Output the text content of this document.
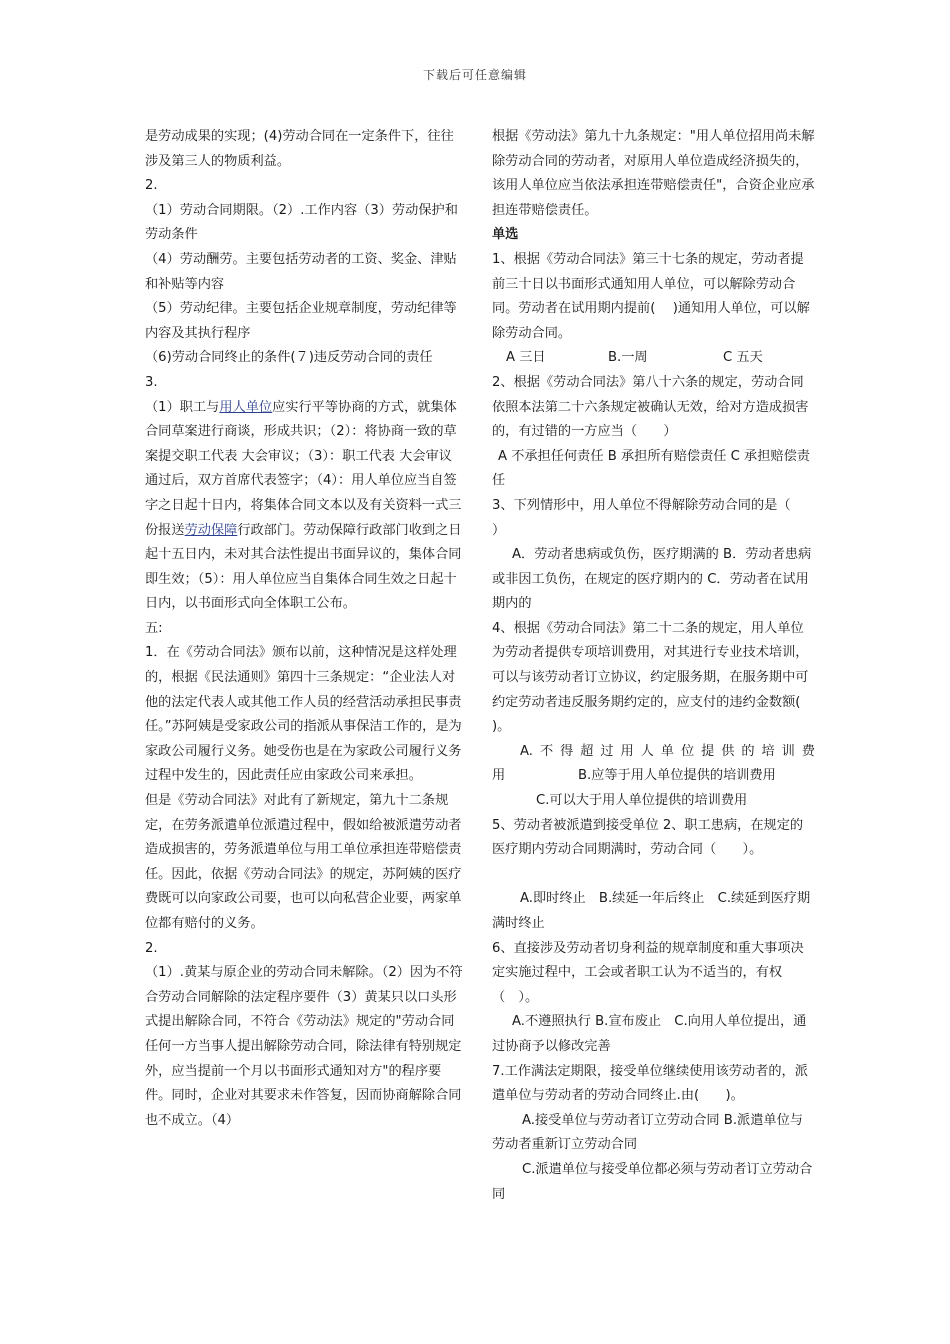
下载后可任意编辑

是劳动成果的实现；(4)劳动合同在一定条件下，往往涉及第三人的物质利益。

2.

（1）劳动合同期限。（2）.工作内容（3）劳动保护和劳动条件

（4）劳动酬劳。主要包括劳动者的工资、奖金、津贴和补贴等内容

（5）劳动纪律。主要包括企业规章制度，劳动纪律等内容及其执行程序

（6)劳动合同终止的条件(７)违反劳动合同的责任

3.

（1）职工与用人单位应实行平等协商的方式，就集体合同草案进行商谈，形成共识；（2）：将协商一致的草案提交职工代表 大会审议；（3）：职工代表 大会审议通过后，双方首席代表签字；（4）：用人单位应当自签字之日起十日内，将集体合同文本以及有关资料一式三份报送劳动保障行政部门。劳动保障行政部门收到之日起十五日内，未对其合法性提出书面异议的，集体合同即生效；（5）：用人单位应当自集体合同生效之日起十日内，以书面形式向全体职工公布。

五:

1．在《劳动合同法》颁布以前，这种情况是这样处理的，根据《民法通则》第四十三条规定：“企业法人对他的法定代表人或其他工作人员的经营活动承担民事责任。”苏阿姨是受家政公司的指派从事保洁工作的，是为家政公司履行义务。她受伤也是在为家政公司履行义务过程中发生的，因此责任应由家政公司来承担。

但是《劳动合同法》对此有了新规定，第九十二条规定，在劳务派遣单位派遣过程中，假如给被派遣劳动者造成损害的，劳务派遣单位与用工单位承担连带赔偿责任。因此，依据《劳动合同法》的规定，苏阿姨的医疗费既可以向家政公司要，也可以向私营企业要，两家单位都有赔付的义务。

2.

（1）.黄某与原企业的劳动合同未解除。（2）因为不符合劳动合同解除的法定程序要件（3）黄某只以口头形式提出解除合同，不符合《劳动法》规定的"劳动合同任何一方当事人提出解除劳动合同，除法律有特别规定外，应当提前一个月以书面形式通知对方"的程序要件。同时，企业对其要求未作答复，因而协商解除合同也不成立。（4）

根据《劳动法》第九十九条规定："用人单位招用尚未解除劳动合同的劳动者，对原用人单位造成经济损失的，该用人单位应当依法承担连带赔偿责任"，合资企业应承担连带赔偿责任。

单选

1、根据《劳动合同法》第三十七条的规定，劳动者提前三十日以书面形式通知用人单位，可以解除劳动合同。劳动者在试用期内提前(　 )通知用人单位，可以解除劳动合同。

A 三日	B.一周	C 五天

2、根据《劳动合同法》第八十六条的规定，劳动合同依照本法第二十六条规定被确认无效，给对方造成损害的，有过错的一方应当（　　）

A 不承担任何责任 B 承担所有赔偿责任 C 承担赔偿责任

3、下列情形中，用人单位不得解除劳动合同的是（　　）

A．劳动者患病或负伤，医疗期满的 B．劳动者患病或非因工负伤，在规定的医疗期内的 C．劳动者在试用期内的

4、根据《劳动合同法》第二十二条的规定，用人单位为劳动者提供专项培训费用，对其进行专业技术培训，可以与该劳动者订立协议，约定服务期，在服务期中可约定劳动者违反服务期约定的，应支付的违约金数额(　　)。

A.不得超过用人单位提供的培训费

用	B.应等于用人单位提供的培训费用

C.可以大于用人单位提供的培训费用

5、劳动者被派遣到接受单位 2、职工患病，在规定的医疗期内劳动合同期满时，劳动合同（　　）。

A.即时终止　B.续延一年后终止　C.续延到医疗期满时终止

6、直接涉及劳动者切身利益的规章制度和重大事项决定实施过程中，工会或者职工认为不适当的，有权（　）。

A.不遵照执行 B.宣布废止　C.向用人单位提出，通过协商予以修改完善

7.工作满法定期限，接受单位继续使用该劳动者的，派遣单位与劳动者的劳动合同终止.由(　　)。

A.接受单位与劳动者订立劳动合同 B.派遣单位与劳动者重新订立劳动合同

C.派遣单位与接受单位都必须与劳动者订立劳动合同
